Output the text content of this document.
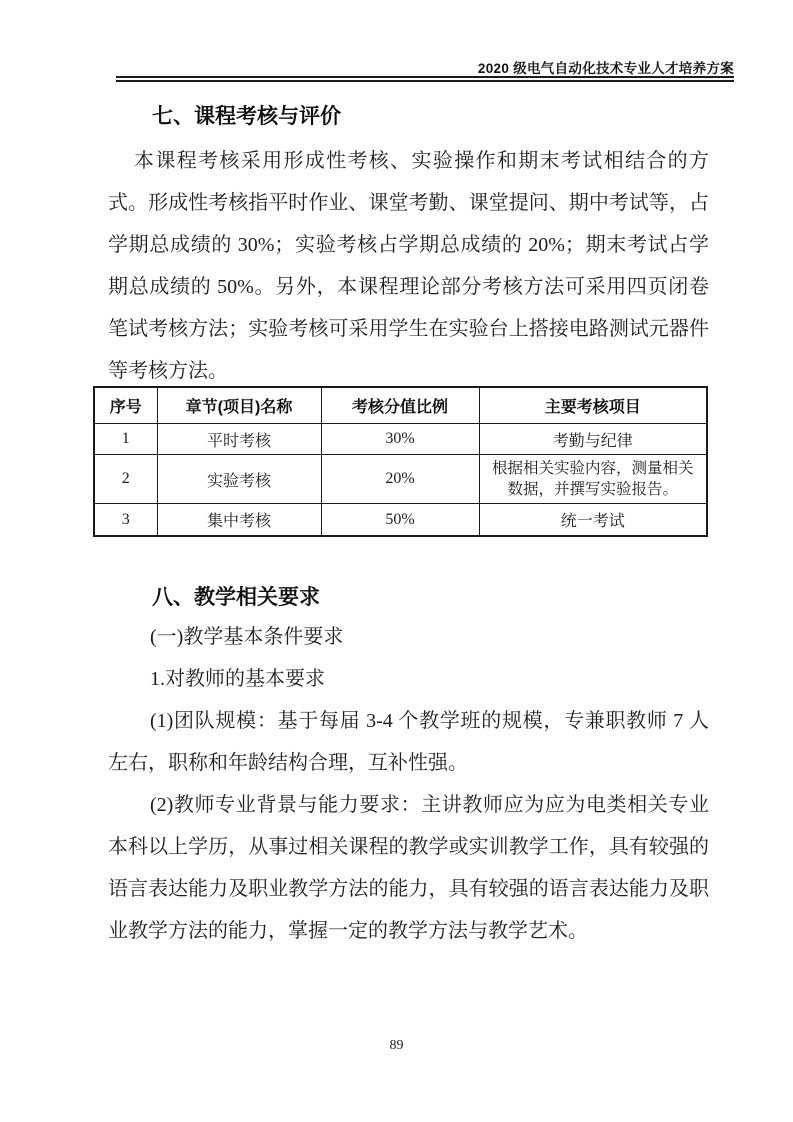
2020 级电气自动化技术专业人才培养方案
七、课程考核与评价
本课程考核采用形成性考核、实验操作和期末考试相结合的方
式。形成性考核指平时作业、课堂考勤、课堂提问、期中考试等，占
学期总成绩的 30%；实验考核占学期总成绩的 20%；期末考试占学
期总成绩的 50%。另外，本课程理论部分考核方法可采用四页闭卷
笔试考核方法；实验考核可采用学生在实验台上搭接电路测试元器件
等考核方法。
序号	章节(项目)名称	考核分值比例	主要考核项目
1	平时考核	30%	考勤与纪律
2	实验考核	20%	根据相关实验内容，测量相关数据，并撰写实验报告。
3	集中考核	50%	统一考试
八、教学相关要求
(一)教学基本条件要求
1.对教师的基本要求
(1)团队规模：基于每届 3-4 个教学班的规模，专兼职教师 7 人
左右，职称和年龄结构合理，互补性强。
(2)教师专业背景与能力要求：主讲教师应为应为电类相关专业
本科以上学历，从事过相关课程的教学或实训教学工作，具有较强的
语言表达能力及职业教学方法的能力，具有较强的语言表达能力及职
业教学方法的能力，掌握一定的教学方法与教学艺术。
89
